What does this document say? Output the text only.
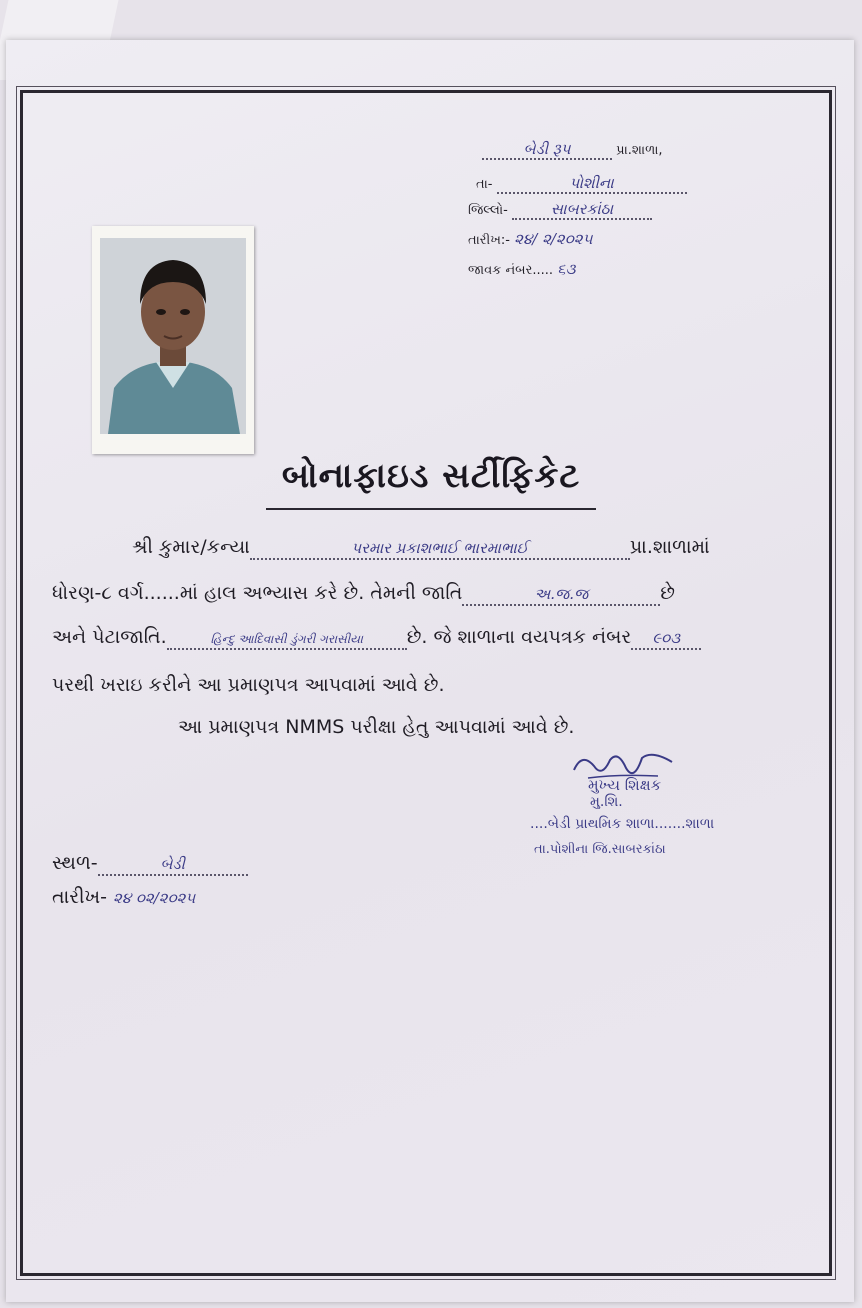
બેડી રૂપ	પ્રા.શાળા,
તા-	પોશીના
જિલ્લો-	સાબરકાંઠા
તારીખ:- ૨૪/ ૨/૨૦૨૫
જાવક નંબર..... ૬૩
બોનાફાઇડ સર્ટીફિકેટ
શ્રી કુમાર/કન્યા	પરમાર પ્રકાશભાઈ ભારમાભાઈ	પ્રા.શાળામાં
ધોરણ-૮ વર્ગ......માં હાલ અભ્યાસ કરે છે. તેમની જાતિ	અ.જ.જ	છે
અને પેટાજાતિ.	હિન્દુ આદિવાસી ડુંગરી ગરાસીયા છે. જે શાળાના વયપત્રક નંબર ૯૦૩
પરથી ખરાઇ કરીને આ પ્રમાણપત્ર આપવામાં આવે છે.
આ પ્રમાણપત્ર NMMS પરીક્ષા હેતુ આપવામાં આવે છે.
મુખ્ય શિક્ષક
મુ.શિ.
....બેડી પ્રાથમિક શાળા.......શાળા
તા.પોશીના જિ.સાબરકાંઠા
સ્થળ-	બેડી
તારીખ- ૨૪ ૦૨/૨૦૨૫
